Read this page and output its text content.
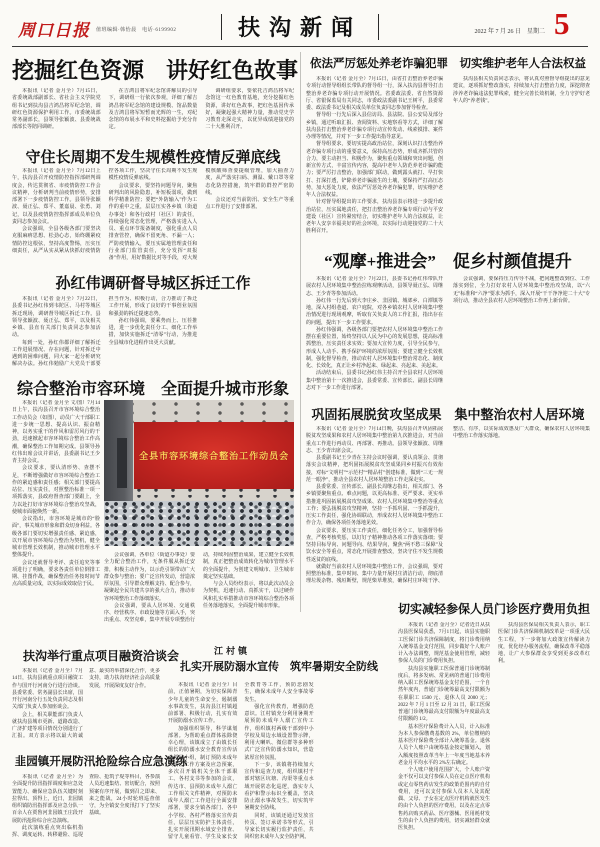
周口日报 值班编辑·韩怡晨　电话·6199902	扶沟新闻	2022 年 7 月 26 日　星期二 5
挖掘红色资源　讲好红色故事

本报讯（记者 金月全）7月15日，省委统战部副部长、省社会主义学院党组书记到扶沟县吉鸿昌将军纪念馆，调研红色资源保护利用工作。市委统战部常务副部长，县领导张颖波、县委统战部部长等陪同调研。

在吉鸿昌将军纪念馆讲解员的引导下，调研组一行依次参观，详细了解吉鸿昌将军纪念馆的建设规模、馆品数量及吉鸿昌将军短暂而光辉的一生，对纪念馆的布展水平和史料挖掘给予充分肯定。

调研组要求，要依托吉鸿昌将军纪念馆这一红色教育基地，充分挖掘红色资源，讲好红色故事，把红色基因传承好，凝聚起强大精神力量，推动党史学习教育走深走实，以优异成绩迎接党的二十大胜利召开。

守住长周期不发生规模性疫情反弹底线

本报讯（记者 金月全）7月12日上午，扶沟县召开疫情防控指挥部研判调度会，传达贯彻省、市疫情防控工作会议精神，分析研判当前疫情形势，安排部署下一步疫情防控工作。县领导张颖波、聂正弘、郑平、董嘉晨、张勇、刘记，以及县疫情防控指挥部成员单位负责同志参加会议。

会议强调，全县各级各部门要坚决克服麻痹思想、松劲心态，始终绷紧疫情防控这根弦，坚持高度警惕，压实压细责任，从严从实从紧从快抓好疫情防控各项工作，坚决守住长周期不发生规模性疫情反弹底线。

会议要求，要坚持问题导向，聚焦研判出的风险隐患，补短板弱项，做到科学精准防控；要把“外防输入”作为工作的重中之重，层层压实各乡镇（街道办事处）和各行政村（社区）的责任，持续强化常态化管理，严格落实进入人员、重点环节报备制度，强化重点人员排查管控，确保不留死角、不漏一人；严防疫情输入，要压实属地管理责任和行业部门监管责任，充分发挥“双报备”作用，用好数据比对等手段，对大规模核酸筛查要提级管理，加大抽查力度，从严落实扫码、测温、戴口罩等常态化防控措施，筑牢群防群控严密防线。

会议还对当前防汛、安全生产等重点工作进行了安排部署。

孙红伟调研督导城区拆迁工作

本报讯（记者 金月全）7月22日，县委书记孙红伟到韦陀区、马村等城区拆迁现场，调研督导城区拆迁工作。县领导张颖波、聂正弘、郑平，以及相关乡镇、县直有关部门负责同志参加活动。

每到一处，孙红伟都详细了解拆迁工作进展情况、存在问题，针对拆迁中遇到的困难问题，同大家一起分析研究解决办法。孙红伟勉励广大党员干部要担当作为、积极行动，合力推动了拆迁工作开展，形成了良好的干事创业氛围和强劲的拆迁提速态势。

孙红伟强调，要乘势而上、压茬推进，进一步优化责任分工、细化工作举措，加快实施拆迁“清零”行动，为推进全县城市化进程作出更大贡献。

综合整治市容环境　全面提升城市形象

本报讯（记者 金月全 文/图）7月14日上午，扶沟县召开市容环境综合整治工作动员会（如图），动员广大干部职工进一步统一思想、提高认识、振奋精神，以务实重干的作风和雷厉风行的干劲，迅速掀起市容环境综合整治工作高潮，确保整治工作如期完成。县领导孙红伟出席会议并讲话，县委副书记王少青主持会议。

会议要求，要认清形势、查摆不足，不断增强做好市容环境综合整治工作的紧迫感和责任感；相关部门要提高站位、压实责任，对照整治标准一项一项抓落实，县政府督查部门要跟上，全力以赴打好市容环境综合整治攻坚战，使城市面貌焕然一新。

会议指出，市容环境是城市的“脸面”，事关城市形象和群众切身利益。各级各部门要切实增强责任感、紧迫感，以开展市容环境综合整治为契机，健全城市管理长效机制，推动城市管理水平整体提升。

会议还就督导考评、责任追究等事项进行了明确，要求各责任单位倒排工期、挂图作战，确保整治任务按时间节点高质量完成，以实际成效取信于民。

全县市容环境综合整治工作动员会

会议强调，各单位（街道办事处）要全力配合整治工作，无条件服从拆迁安排，积极主动作为，以示范引领带动广大群众参与整治；要广泛宣传发动，营造浓厚氛围，引导群众理解支持、配合参与，凝聚起全民共建共享的强大合力，推动市容环境整治工作落细落实。

会议强调，要从人居环境、交通秩序、经营秩序、市政设施等方面入手，突出重点、攻坚克难，集中开展专项整治行动，持续巩固整治成果，建立健全长效机制，真正把整治成效转化为城市管理水平的全面提升，为创建文明城市、卫生城市奠定坚实基础。

与会人员纷纷表示，将以此次动员会为契机，迅速行动、真抓实干，以过硬作风和扎实举措推动市容环境综合整治各项任务落地落实，全面提升城市形象。

扶沟举行重点项目融资洽谈会

本报讯（记者 金月全）7月14日，扶沟县就重点项目融资工作与国开行河南分行进行洽谈。县委常委、常务副县长出席，国开行河南分行五处负责同志及相关部门负责人参加座谈会。

会上，相关职能部门负责人就扶沟县城市更新、道路改造、广济扩建等项目情况分别进行了汇报。双方表示将以最大的诚意、最实的举措深化合作，更多支持，助力扶沟经济社会高质量发展，开展深度友好合作。

韭园镇开展防汛抢险综合应急演练

本报讯（记者 金月全）为全面提升防汛指挥调度和应急处置能力、确保应急队伍关键时刻拉得出、顶得上，近日，韭园镇组织镇防汛指挥部及应急分队一百余人在贾鲁河韭园镇王庄段开展防汛抢险综合应急演练。

此次演练重点突出临机指挥、调度运转、转移避险、巡堤查险、抢筑子堤等科目，各参演人员迅速集结、密切配合，按照预案有序开展，做到召之即来、来之能战，24小时轮班巡查值守，为全镇安全度汛打下了坚实基础。

江村镇
扎实开展防溺水宣传　筑牢暑期安全防线

本报讯（记者 金月全）目前，正值暑期，为切实保障青少年儿童的生命安全，遏制溺水事故发生，扶沟县江村镇超前部署、积极行动，扎实有效开展防溺水宣传工作。

加强组织领导，科学谋划部署。为帮助重点群体祛除侥幸心理，该镇成立了由镇长任组长的防溺水安全教育宣传活动领导小组，制订预防未成年人溺亡工作方案及应急预案，多次召开镇机关全体干部职工、各村支书等参加的会议，传达市、县预防未成年人溺亡工作相关文件精神，对预防未成年人溺亡工作进行全面安排部署，要求全镇各部门、各中小学校、各村严格落实宣传责任，层层压实防护主体责任，扎实开展汛期水域安全排查、留守儿童看管、学生及家长安全教育等工作，预防悲剧发生，确保未成年人安全事故零发生。

强化宣传教育，增强防范意识。江村镇充分利用暑期开展预防未成年人溺亡宣传工作，组织镇村两级干部到中小学校及周边水域设置警示牌，利用大喇叭、微信群等多种形式广泛宣传防溺水知识，营造浓厚宣传氛围。

下一步，该镇将持续加大宣传和巡查力度，组织镇村干部对辖区坑塘、沟渠等重点水域开展常态化巡逻，落实专人看护和警示标识全覆盖，坚决防止溺水事故发生，切实筑牢暑期安全防线。

同时，该镇还通过发放宣传页、签订承诺书等形式，引导家长切实履行监护责任，共同织密未成年人安全防护网。

依法严厉惩处养老诈骗犯罪　切实维护老年人合法权益

本报讯（记者 金月全）7月15日，由省打击整治养老诈骗专项行动督导组组长带队的督导组一行，深入扶沟县督导打击整治养老诈骗专项行动开展情况。省委政法委、省自然资源厅、省银保监局有关同志，市委政法委副书记王树平，县委常委、政法委书记及相关成员单位负责同志参加督导检查。

督导组一行先后深入县信访局、县法院、县公安局及部分乡镇，通过听取汇报、查阅资料、实地察看等方式，详细了解扶沟县打击整治养老诈骗专项行动宣传发动、线索摸排、案件办理等情况，并对下一步工作提出指导意见。

督导组要求，要切实提高政治站位，深刻认识打击整治养老诈骗专项行动的重要意义，保持高压态势，形成齐抓共管的合力，要主动担当、积极作为，聚焦重点领域和突出问题，创新宣传方式，丰富宣传内容，提高中老年人防范养老诈骗的能力；要严厉打击整治，加强部门联动，做到露头就打、早打快打、打深打透，铲除养老诈骗滋生的土壤，要保持严打高压态势，加大惩处力度，依法严厉惩处养老诈骗犯罪，切实维护老年人合法权益。

针对督导组提出的工作要求，扶沟县表示将进一步提升政治站位，压实属地责任，把打击整治养老诈骗专项行动与平安建设（社区）宣传紧密结合，切实维护老年人的合法权益，让老年人安享幸福美好的社会环境，以实际行动迎接党的二十大胜利召开。

扶沟县相关负责同志表示，将认真对照督导组提出的意见建议，逐项抓好整改落实，持续加大打击整治力度，深挖彻查涉养老诈骗违法犯罪线索，健全完善长效机制，全力守护好老年人的“养老钱”。

“观摩+推进会”　促乡村颜值提升

本报讯（记者 金月全）7月22日，县委书记孙红伟带队开展农村人居环境集中整治拉练观摩活动，县领导聂正弘、周继志、王少青等参加活动。

孙红伟一行先后到大李庄乡、韭园镇、城郊乡、白潭镇等地，深入村组巷道、农户庭院，对各乡镇农村人居环境集中整治情况进行现场观摩，听取有关负责人的工作汇报，指出存在的问题，提出下一步工作要求。

孙红伟强调，各级各部门要把农村人居环境集中整治工作摆在重要位置，始终坚持以人民为中心的发展思想，提高标准抓整治，压实责任求实效；要加大宣传力度，引导全民参与，形成人人动手、携手保护环境的浓厚氛围；要建立健全长效机制，强化督导检查，推动农村人居环境集中整治常态化、制度化、长效化，真正让乡村净起来、绿起来、亮起来、美起来。

活动结束后，县委书记孙红伟主持召开全县农村人居环境集中整治第十一次推进会，县委常委、宣传部长、副县长周继志对下一步工作进行部署。

会议强调，要保持压力传导不减，把问题整改到位、工作落实到位，全力打好农村人居环境集中整治攻坚战，以“六无”标准和“六净”要求为抓手，深入开展“干干净净迎二十大”专项行动，推动全县农村人居环境整治工作再上新台阶。

巩固拓展脱贫攻坚成果　集中整治农村人居环境

本报讯（记者 金月全）7月14日晚，扶沟县召开巩固拓展脱贫攻坚成果和农村人居环境集中整治第九次推进会，对当前重点工作进行再动员、再部署、再推动。县领导张颖波、周继志、王少青出席会议。

县委副书记王少青在主持会议时强调，要认真领会、贯彻落实会议精神，把巩固拓展脱贫攻坚成果同乡村振兴有效衔接，对标“文明村”“示范村”“精品村”创建标准，做到“三无一规范一眼净”，推动全县农村人居环境整治工作走深走实。

县委常委、宣传部长、副县长周继志指出，相关部门、各乡镇要聚焦重点、难点问题，以更高标准、更严要求、更实举措推进巩固拓展脱贫攻坚成果、农村人居环境集中整治等重点工作；要弘扬脱贫攻坚精神，坚持一手抓巩固、一手抓提升，压实工作责任，强化协调联动，形成农村人居环境集中整治工作合力，确保各项任务落地见效。

会议要求，要压实工作责任，细化任务分工，加强督导检查，严格考核奖惩，以钉钉子精神推动各项工作落实落细；要坚持目标导向、问题导向、结果导向，聚焦“两不愁三保障”及饮水安全等重点，常态化开展排查整改，坚决守住不发生规模性返贫的底线。

就做好当前农村人居环境集中整治工作，会议强调，要对照整治标准，集中时间、集中力量开展村庄清洁行动，彻底清理垃圾杂物、残垣断壁，规范柴草堆放，确保村庄环境干净、整洁、有序，以实际成效惠及广大群众，确保农村人居环境集中整治工作落实落地。

切实减轻参保人员门诊医疗费用负担

本报讯（记者 金月全）记者近日从扶沟县医保局获悉，7月1日起，该县实施职工医保门诊共济保障制度，将门诊费用纳入统筹基金支付范围，同步做好个人账户计入办法调整，规范基金使用管理，减轻参保人员的门诊费用负担。

扶沟县实施职工医保普通门诊统筹制度后，将多发病、常见病的普通门诊费用纳入职工医保统筹基金支付范围，一个自然年度内，普通门诊统筹最高支付限额为在职职工 1500 元、退休人员 2000 元；2022 年 7 月 1 日至 12 月 31 日，职工医保普通门诊统筹最高支付限额为年度最高支付限额的 1/2。

基本医疗保险费计入人员，计入标准为本人参保缴费基数的 2%，单位缴纳的基本医疗保险费全部计入统筹基金。退休人员个人账户由统筹基金按定额划入，划入额度按照改革当年上一年度当地基本养老金月平均水平的 2%左右确定。

个人账户使用范围扩大，个人账户资金不仅可以支付参保人员在定点医疗机构或定点零售药店发生的政策范围内的自付费用，还可以支付参保人员本人及其配偶、父母、子女在定点医疗机构就医发生的由个人负担的医疗费用，以及在定点零售药店购买药品、医疗器械、医用耗材发生的由个人负担的费用，切实减轻群众就医负担。

扶沟县医保局相关负责人表示，职工医保门诊共济保障机制改革是一项重大民生工程，下一步将加大政策宣传解读力度，优化经办服务流程，确保改革平稳落地，让广大参保群众享受到更多改革红利。
